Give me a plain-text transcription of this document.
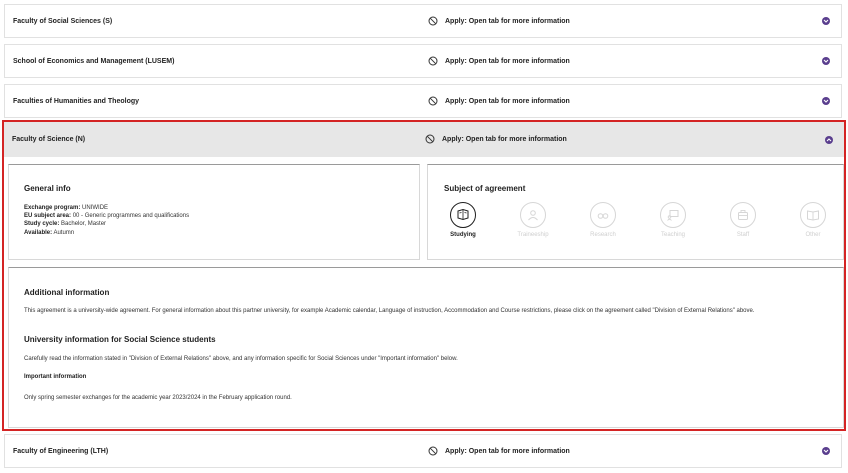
Faculty of Social Sciences (S)	Apply: Open tab for more information
School of Economics and Management (LUSEM)	Apply: Open tab for more information
Faculties of Humanities and Theology	Apply: Open tab for more information
Faculty of Science (N)	Apply: Open tab for more information
General info
Exchange program: UNIWIDE
EU subject area: 00 - Generic programmes and qualifications
Study cycle: Bachelor, Master
Available: Autumn
Subject of agreement
Studying	Traineeship	Research	Teaching	Staff	Other
Additional information

This agreement is a university-wide agreement. For general information about this partner university, for example Academic calendar, Language of instruction, Accommodation and Course restrictions, please click on the agreement called "Division of External Relations" above.

University information for Social Science students

Carefully read the information stated in "Division of External Relations" above, and any information specific for Social Sciences under "Important information" below.

Important information

Only spring semester exchanges for the academic year 2023/2024 in the February application round.

Faculty of Engineering (LTH)	Apply: Open tab for more information
